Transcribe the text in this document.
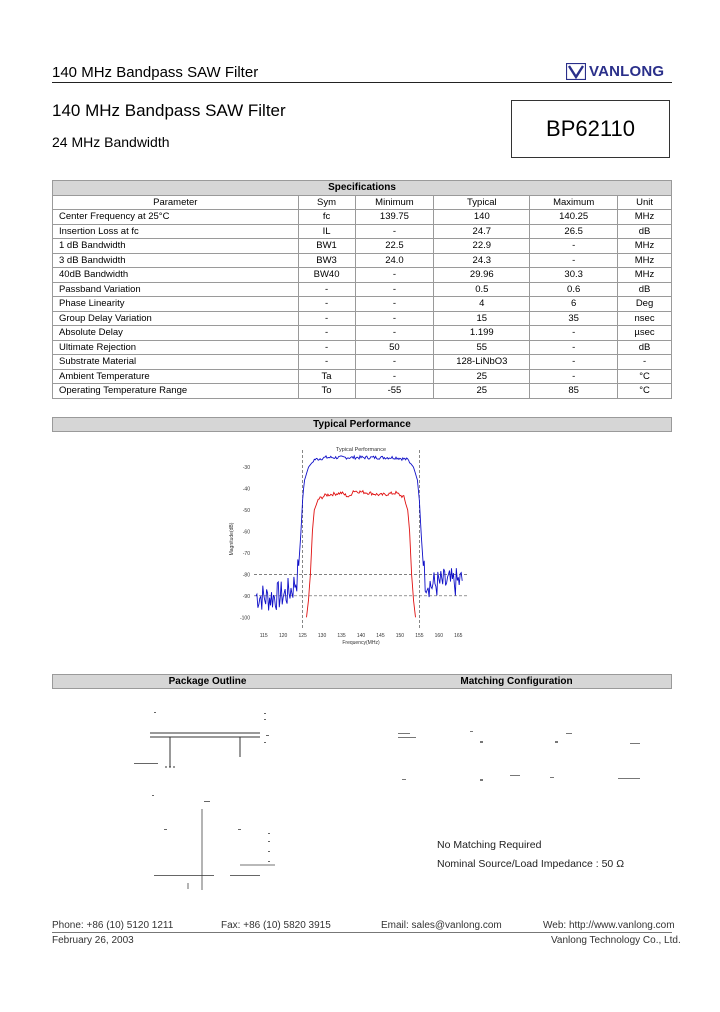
140 MHz Bandpass SAW Filter	VANLONG
140 MHz Bandpass SAW Filter
24 MHz Bandwidth
BP62110
Specifications					
Parameter	Sym	Minimum	Typical	Maximum	Unit
Center Frequency at 25°C	fc	139.75	140	140.25	MHz
Insertion Loss at fc	IL	-	24.7	26.5	dB
1 dB Bandwidth	BW1	22.5	22.9	-	MHz
3 dB Bandwidth	BW3	24.0	24.3	-	MHz
40dB Bandwidth	BW40	-	29.96	30.3	MHz
Passband Variation	-	-	0.5	0.6	dB
Phase Linearity	-	-	4	6	Deg
Group Delay Variation	-	-	15	35	nsec
Absolute Delay	-	-	1.199	-	µsec
Ultimate Rejection	-	50	55	-	dB
Substrate Material	-	-	128-LiNbO3	-	-
Ambient Temperature	Ta	-	25	-	°C
Operating Temperature Range	To	-55	25	85	°C
Typical Performance
-30
-40
-50
-60
-70
-80
-90
-100
115 120 125 130 135 140 145 150 155 160 165
Frequency(MHz)
Magnitude(dB)
Typical Performance
Package Outline	Matching Configuration
No Matching Required
Nominal Source/Load Impedance : 50 Ω
Phone: +86 (10) 5120 1211	Fax: +86 (10) 5820 3915	Email: sales@vanlong.com	Web: http://www.vanlong.com
February 26, 2003	Vanlong Technology Co., Ltd.
